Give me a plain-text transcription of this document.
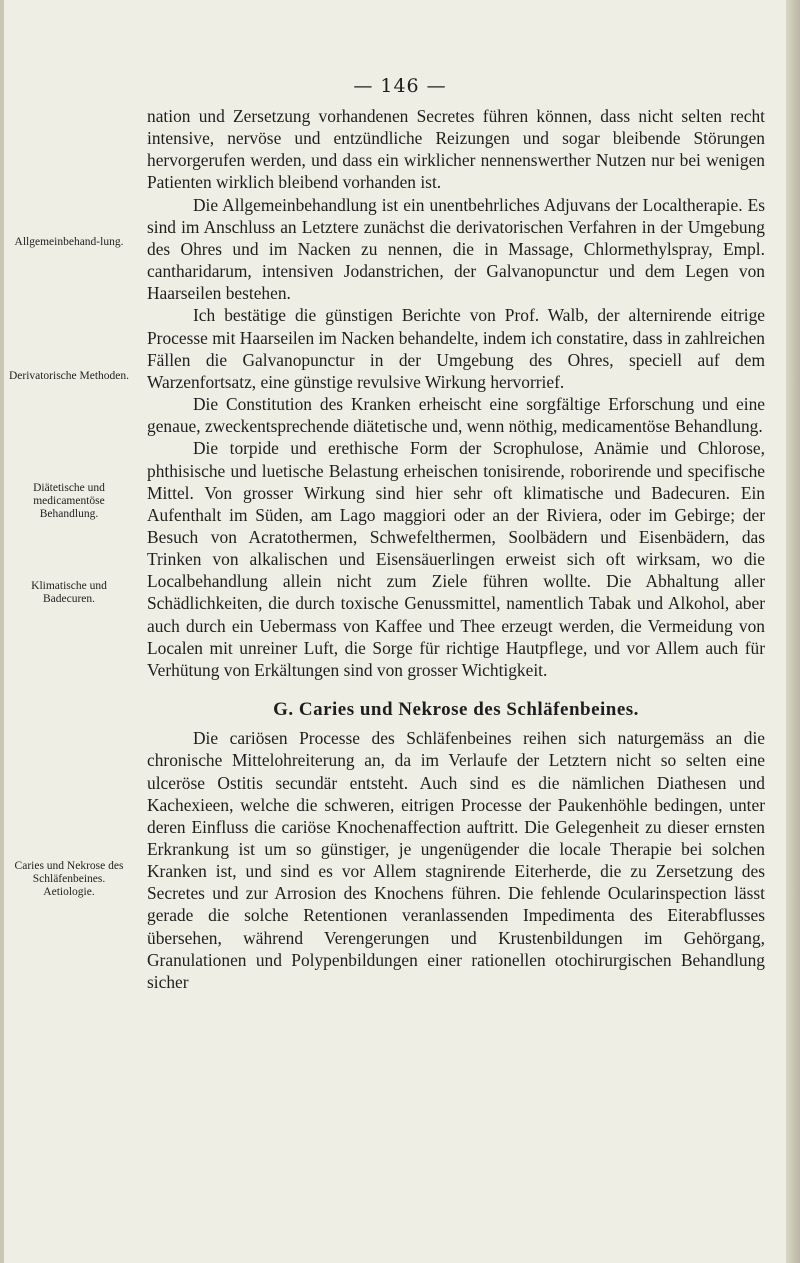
— 146 —
Allgemeinbehand-lung.
Derivatorische Methoden.
Diätetische und medicamentöse Behandlung.
Klimatische und Badecuren.
Caries und Nekrose des Schläfenbeines. Aetiologie.

nation und Zersetzung vorhandenen Secretes führen können, dass nicht selten recht intensive, nervöse und entzündliche Reizungen und sogar bleibende Störungen hervorgerufen werden, und dass ein wirklicher nennenswerther Nutzen nur bei wenigen Patienten wirklich bleibend vorhanden ist.

Die Allgemeinbehandlung ist ein unentbehrliches Adjuvans der Localtherapie. Es sind im Anschluss an Letztere zunächst die derivatorischen Verfahren in der Umgebung des Ohres und im Nacken zu nennen, die in Massage, Chlormethylspray, Empl. cantharidarum, intensiven Jodanstrichen, der Galvanopunctur und dem Legen von Haarseilen bestehen.

Ich bestätige die günstigen Berichte von Prof. Walb, der alternirende eitrige Processe mit Haarseilen im Nacken behandelte, indem ich constatire, dass in zahlreichen Fällen die Galvanopunctur in der Umgebung des Ohres, speciell auf dem Warzenfortsatz, eine günstige revulsive Wirkung hervorrief.

Die Constitution des Kranken erheischt eine sorgfältige Erforschung und eine genaue, zweckentsprechende diätetische und, wenn nöthig, medicamentöse Behandlung.

Die torpide und erethische Form der Scrophulose, Anämie und Chlorose, phthisische und luetische Belastung erheischen tonisirende, roborirende und specifische Mittel. Von grosser Wirkung sind hier sehr oft klimatische und Badecuren. Ein Aufenthalt im Süden, am Lago maggiori oder an der Riviera, oder im Gebirge; der Besuch von Acratothermen, Schwefelthermen, Soolbädern und Eisenbädern, das Trinken von alkalischen und Eisensäuerlingen erweist sich oft wirksam, wo die Localbehandlung allein nicht zum Ziele führen wollte. Die Abhaltung aller Schädlichkeiten, die durch toxische Genussmittel, namentlich Tabak und Alkohol, aber auch durch ein Uebermass von Kaffee und Thee erzeugt werden, die Vermeidung von Localen mit unreiner Luft, die Sorge für richtige Hautpflege, und vor Allem auch für Verhütung von Erkältungen sind von grosser Wichtigkeit.

G. Caries und Nekrose des Schläfenbeines.

Die cariösen Processe des Schläfenbeines reihen sich naturgemäss an die chronische Mittelohreiterung an, da im Verlaufe der Letztern nicht so selten eine ulceröse Ostitis secundär entsteht. Auch sind es die nämlichen Diathesen und Kachexieen, welche die schweren, eitrigen Processe der Paukenhöhle bedingen, unter deren Einfluss die cariöse Knochenaffection auftritt. Die Gelegenheit zu dieser ernsten Erkrankung ist um so günstiger, je ungenügender die locale Therapie bei solchen Kranken ist, und sind es vor Allem stagnirende Eiterherde, die zu Zersetzung des Secretes und zur Arrosion des Knochens führen. Die fehlende Ocularinspection lässt gerade die solche Retentionen veranlassenden Impedimenta des Eiterabflusses übersehen, während Verengerungen und Krustenbildungen im Gehörgang, Granulationen und Polypenbildungen einer rationellen otochirurgischen Behandlung sicher
